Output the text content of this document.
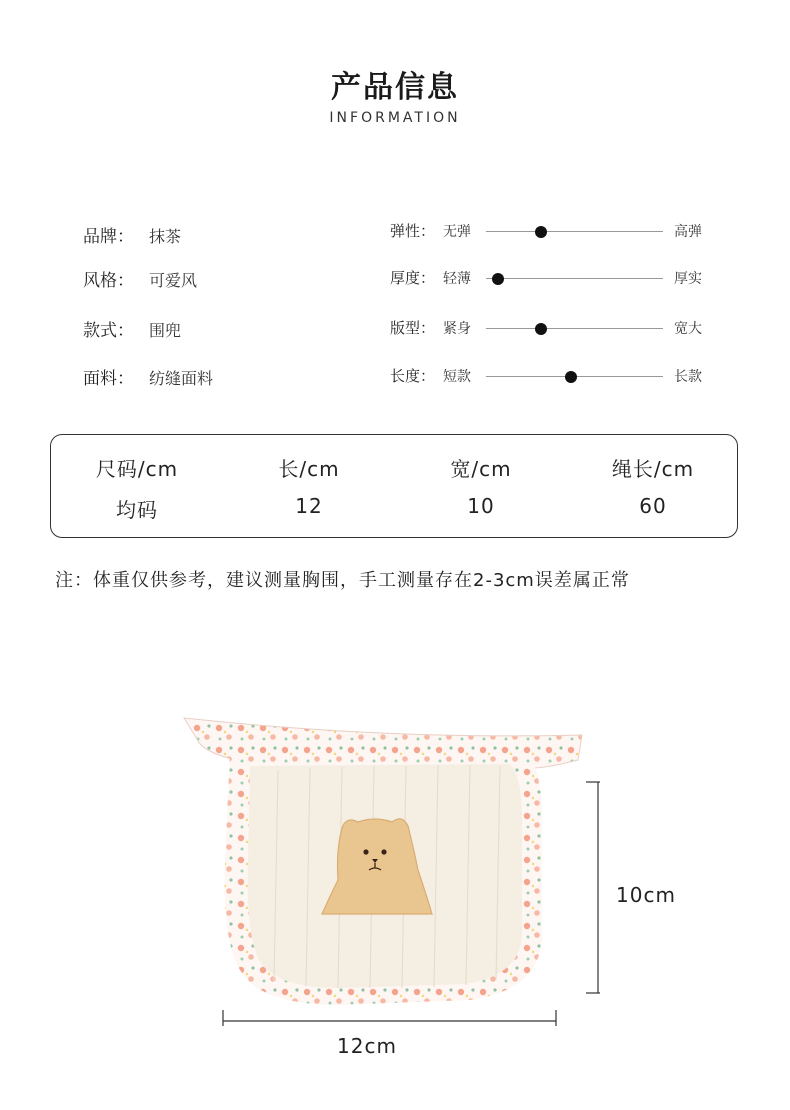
产品信息
INFORMATION
品牌： 抹茶
风格： 可爱风
款式： 围兜
面料： 纺缝面料
弹性： 无弹	高弹
厚度： 轻薄	厚实
版型： 紧身	宽大
长度： 短款	长款
尺码/cm	长/cm	宽/cm	绳长/cm
均码	12	10	60
注：体重仅供参考，建议测量胸围，手工测量存在2-3cm误差属正常
10cm
12cm
